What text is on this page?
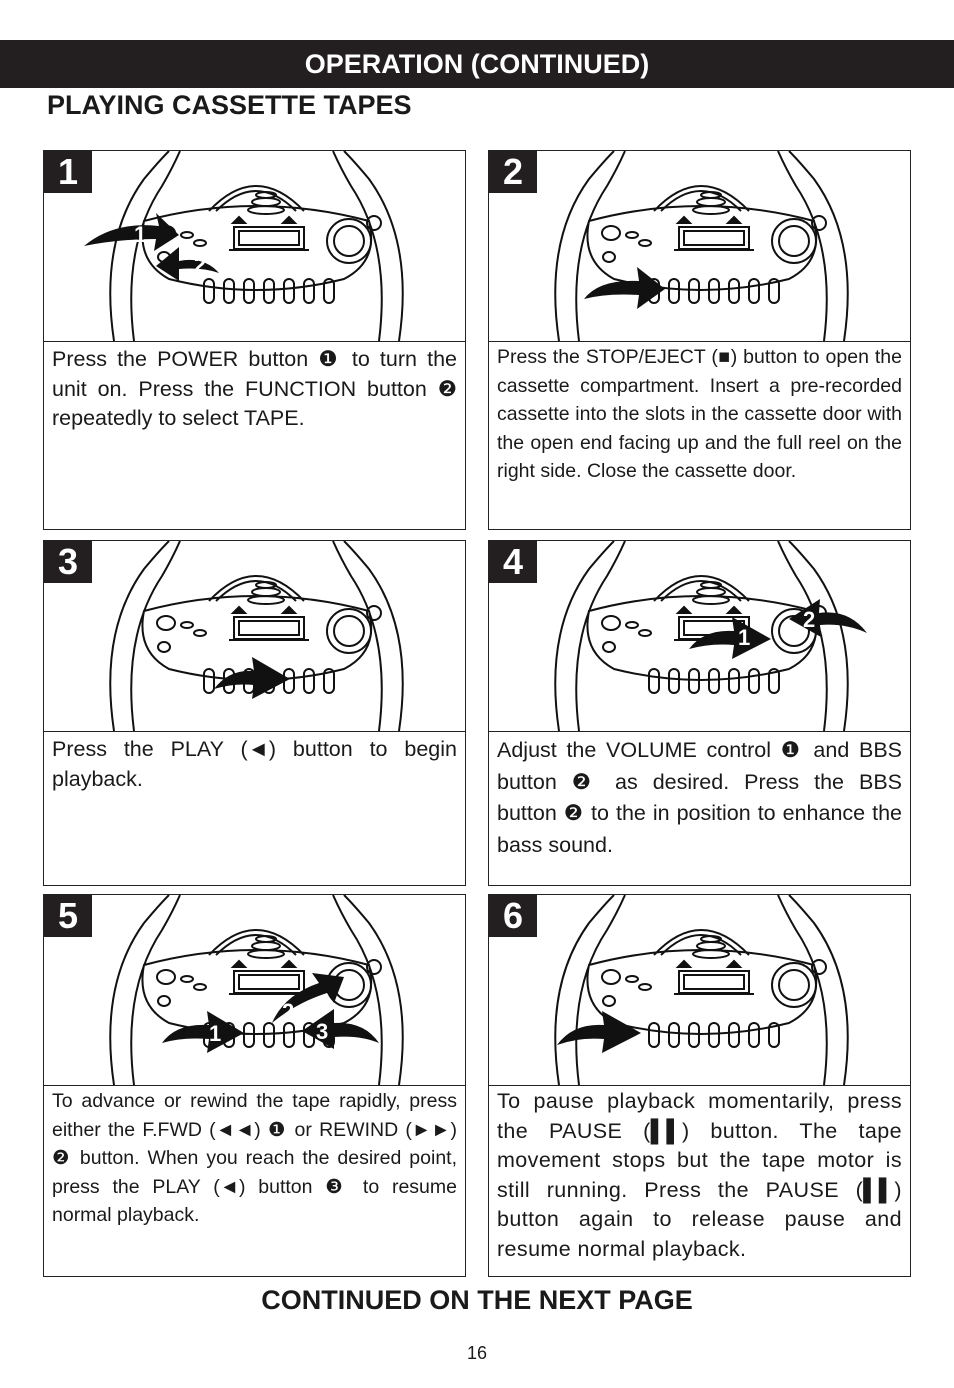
OPERATION (CONTINUED)
PLAYING CASSETTE TAPES
1
2
1
Press the POWER button ❶ to turn the unit on. Press the FUNCTION button ❷ repeatedly to select TAPE.
2
Press the STOP/EJECT (■) button to open the cassette compartment. Insert a pre-recorded cassette into the slots in the cassette door with the open end facing up and the full reel on the right side. Close the cassette door.
3
Press the PLAY (◄) button to begin playback.
1
2
4
Adjust the VOLUME control ❶ and BBS button ❷ as desired. Press the BBS button ❷ to the in position to enhance the bass sound.
1
2
3
5
To advance or rewind the tape rapidly, press either the F.FWD (◄◄) ❶ or REWIND (►►) ❷ button. When you reach the desired point, press the PLAY (◄) button ❸ to resume normal playback.
6
To pause playback momentarily, press the PAUSE (▌▌) button. The tape movement stops but the tape motor is still running. Press the PAUSE (▌▌) button again to release pause and resume normal playback.
CONTINUED ON THE NEXT PAGE
16
